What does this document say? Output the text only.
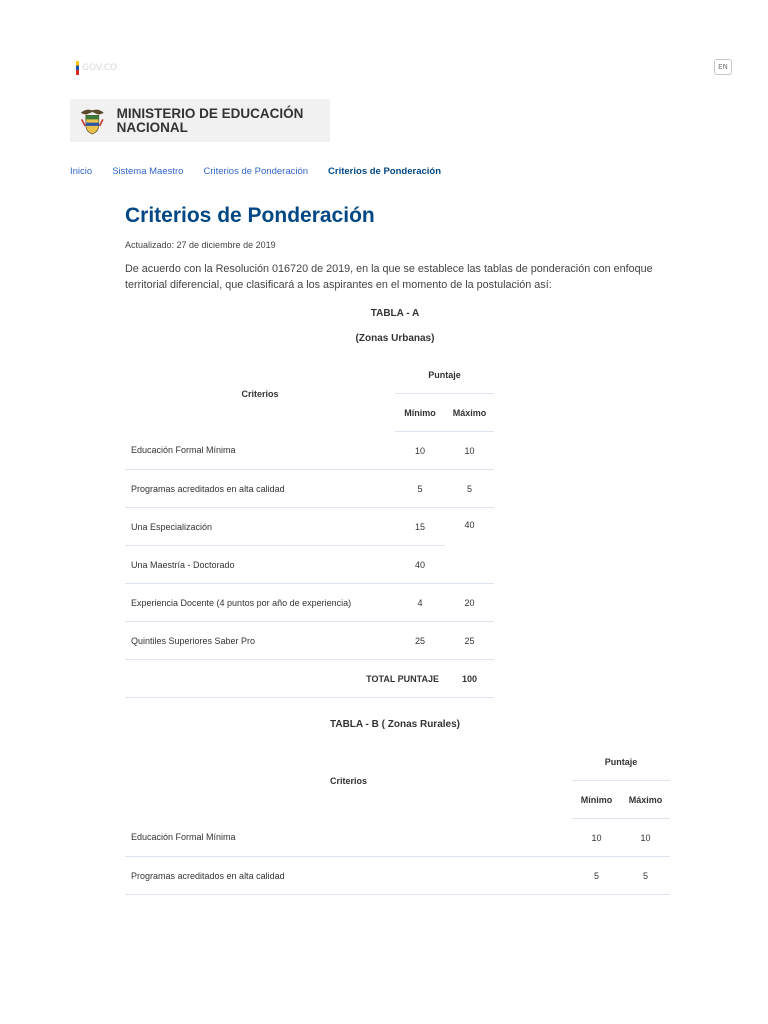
GOV.CO	EN
MINISTERIO DE EDUCACIÓN NACIONAL
Inicio Sistema Maestro Criterios de Ponderación Criterios de Ponderación
Criterios de Ponderación

Actualizado: 27 de diciembre de 2019

De acuerdo con la Resolución 016720 de 2019, en la que se establece las tablas de ponderación con enfoque territorial diferencial, que clasificará a los aspirantes en el momento de la postulación así:

TABLA - A
(Zonas Urbanas)
Criterios	Puntaje	
	Mínimo	Máximo
Educación Formal Mínima	10	10
Programas acreditados en alta calidad	5	5
Una Especialización	15	40
Una Maestría - Doctorado	40	
Experiencia Docente (4 puntos por año de experiencia)	4	20
Quintiles Superiores Saber Pro	25	25
TOTAL PUNTAJE		100
TABLA - B ( Zonas Rurales)
Criterios	Puntaje	
	Mínimo	Máximo
Educación Formal Mínima	10	10
Programas acreditados en alta calidad	5	5
